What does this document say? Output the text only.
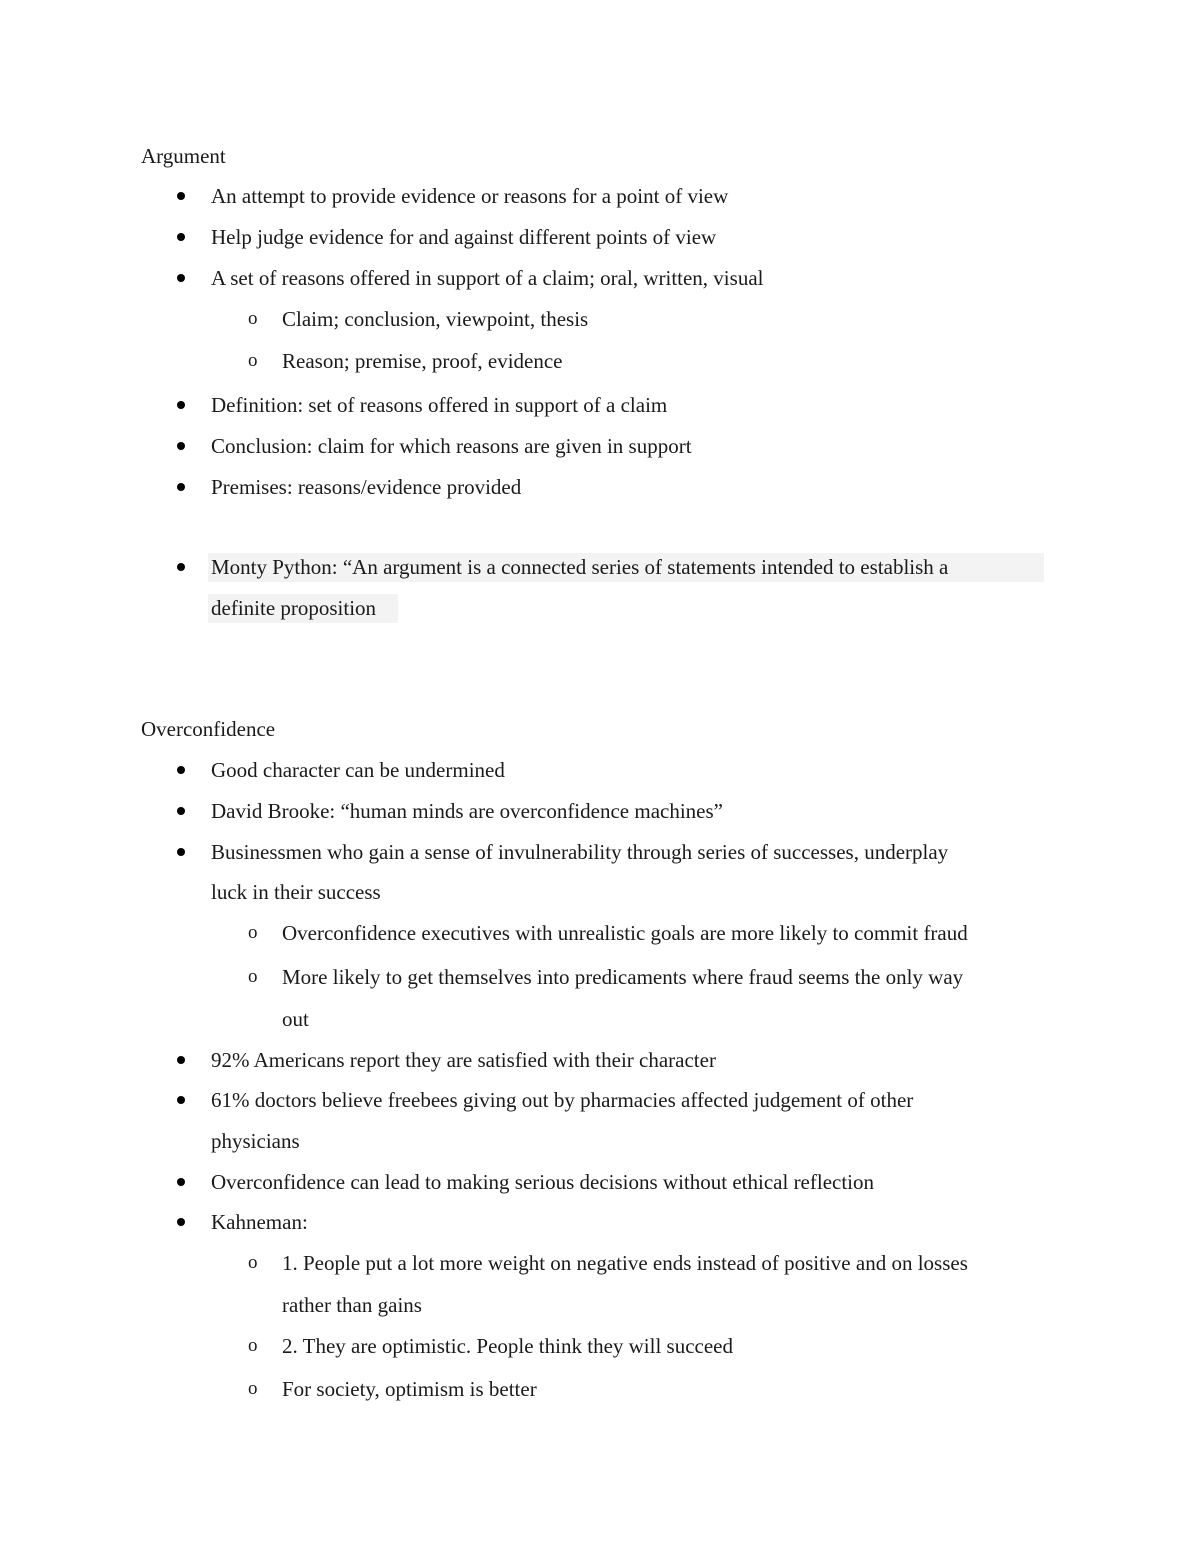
Argument
An attempt to provide evidence or reasons for a point of view
Help judge evidence for and against different points of view
A set of reasons offered in support of a claim; oral, written, visual
o Claim; conclusion, viewpoint, thesis
o Reason; premise, proof, evidence
Definition: set of reasons offered in support of a claim
Conclusion: claim for which reasons are given in support
Premises: reasons/evidence provided
Monty Python: “An argument is a connected series of statements intended to establish a
definite proposition
Overconfidence
Good character can be undermined
David Brooke: “human minds are overconfidence machines”
Businessmen who gain a sense of invulnerability through series of successes, underplay
luck in their success
o Overconfidence executives with unrealistic goals are more likely to commit fraud
o More likely to get themselves into predicaments where fraud seems the only way
out
92% Americans report they are satisfied with their character
61% doctors believe freebees giving out by pharmacies affected judgement of other
physicians
Overconfidence can lead to making serious decisions without ethical reflection
Kahneman:
o 1. People put a lot more weight on negative ends instead of positive and on losses
rather than gains
o 2. They are optimistic. People think they will succeed
o For society, optimism is better
